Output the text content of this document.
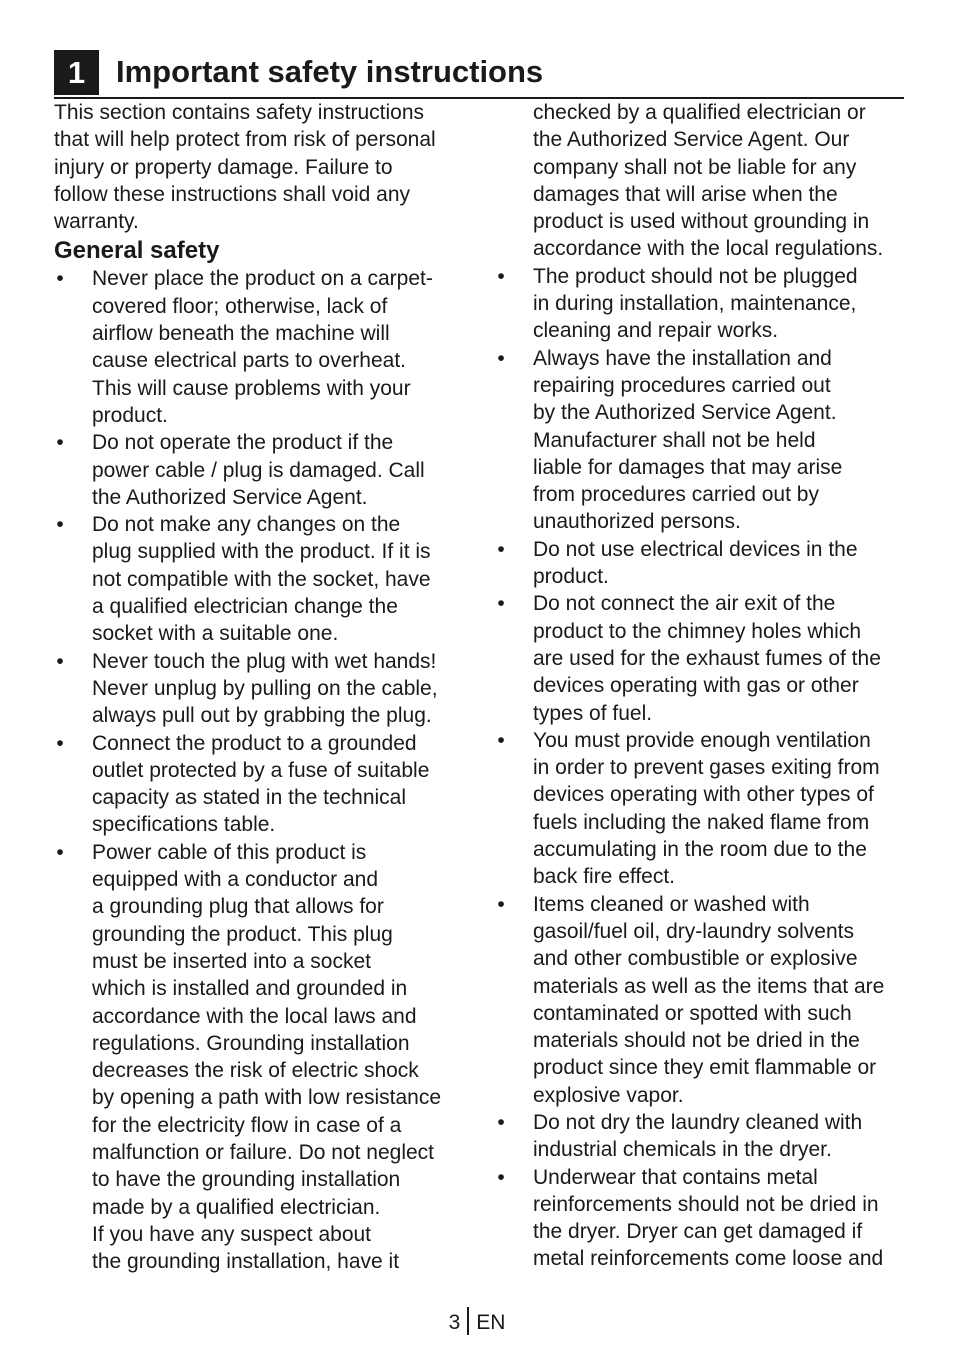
1 Important safety instructions
This section contains safety instructions
that will help protect from risk of personal
injury or property damage. Failure to
follow these instructions shall void any
warranty.
General safety
• Never place the product on a carpet-
covered floor; otherwise, lack of
airflow beneath the machine will
cause electrical parts to overheat.
This will cause problems with your
product.
• Do not operate the product if the
power cable / plug is damaged. Call
the Authorized Service Agent.
• Do not make any changes on the
plug supplied with the product. If it is
not compatible with the socket, have
a qualified electrician change the
socket with a suitable one.
• Never touch the plug with wet hands!
Never unplug by pulling on the cable,
always pull out by grabbing the plug.
• Connect the product to a grounded
outlet protected by a fuse of suitable
capacity as stated in the technical
specifications table.
• Power cable of this product is
equipped with a conductor and
a grounding plug that allows for
grounding the product. This plug
must be inserted into a socket
which is installed and grounded in
accordance with the local laws and
regulations. Grounding installation
decreases the risk of electric shock
by opening a path with low resistance
for the electricity flow in case of a
malfunction or failure. Do not neglect
to have the grounding installation
made by a qualified electrician.
If you have any suspect about
the grounding installation, have it
checked by a qualified electrician or
the Authorized Service Agent. Our
company shall not be liable for any
damages that will arise when the
product is used without grounding in
accordance with the local regulations.
• The product should not be plugged
in during installation, maintenance,
cleaning and repair works.
• Always have the installation and
repairing procedures carried out
by the Authorized Service Agent.
Manufacturer shall not be held
liable for damages that may arise
from procedures carried out by
unauthorized persons.
• Do not use electrical devices in the
product.
• Do not connect the air exit of the
product to the chimney holes which
are used for the exhaust fumes of the
devices operating with gas or other
types of fuel.
• You must provide enough ventilation
in order to prevent gases exiting from
devices operating with other types of
fuels including the naked flame from
accumulating in the room due to the
back fire effect.
• Items cleaned or washed with
gasoil/fuel oil, dry-laundry solvents
and other combustible or explosive
materials as well as the items that are
contaminated or spotted with such
materials should not be dried in the
product since they emit flammable or
explosive vapor.
• Do not dry the laundry cleaned with
industrial chemicals in the dryer.
• Underwear that contains metal
reinforcements should not be dried in
the dryer. Dryer can get damaged if
metal reinforcements come loose and
3 EN
